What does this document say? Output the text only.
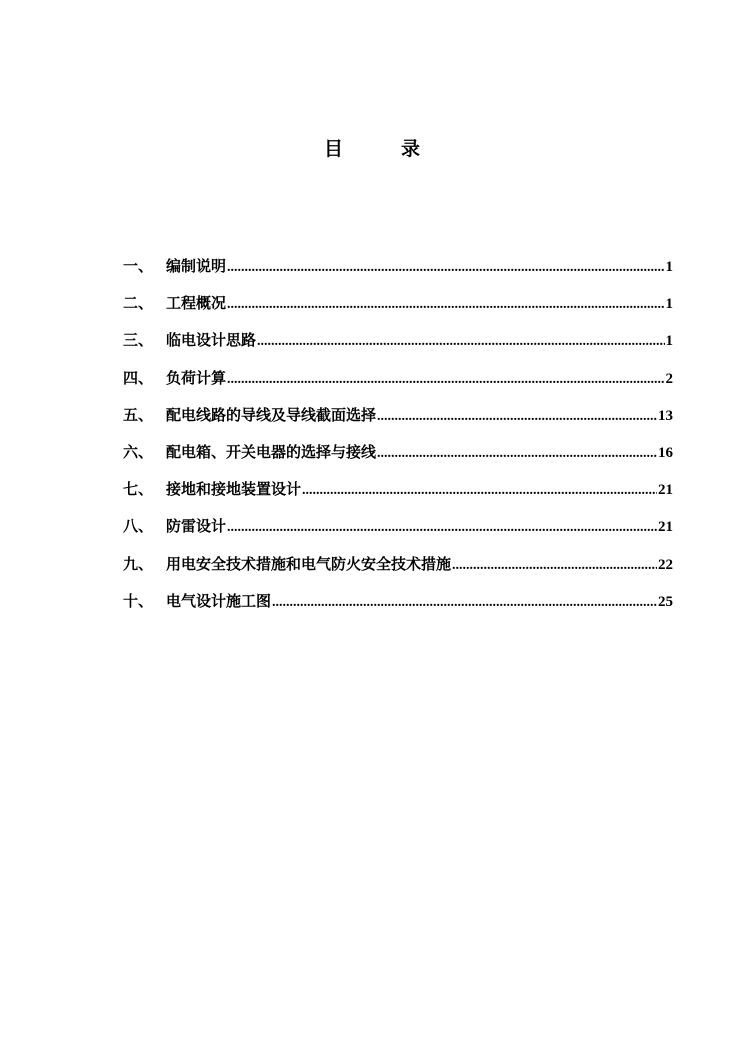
目	录
一、 编制说明 .....	1
二、 工程概况 .....	1
三、 临电设计思路 .....	1
四、 负荷计算 .....	2
五、 配电线路的导线及导线截面选择 .....	13
六、 配电箱、开关电器的选择与接线 .....	16
七、 接地和接地装置设计 .....	21
八、 防雷设计 .....	21
九、 用电安全技术措施和电气防火安全技术措施 .....	22
十、 电气设计施工图 .....	25
